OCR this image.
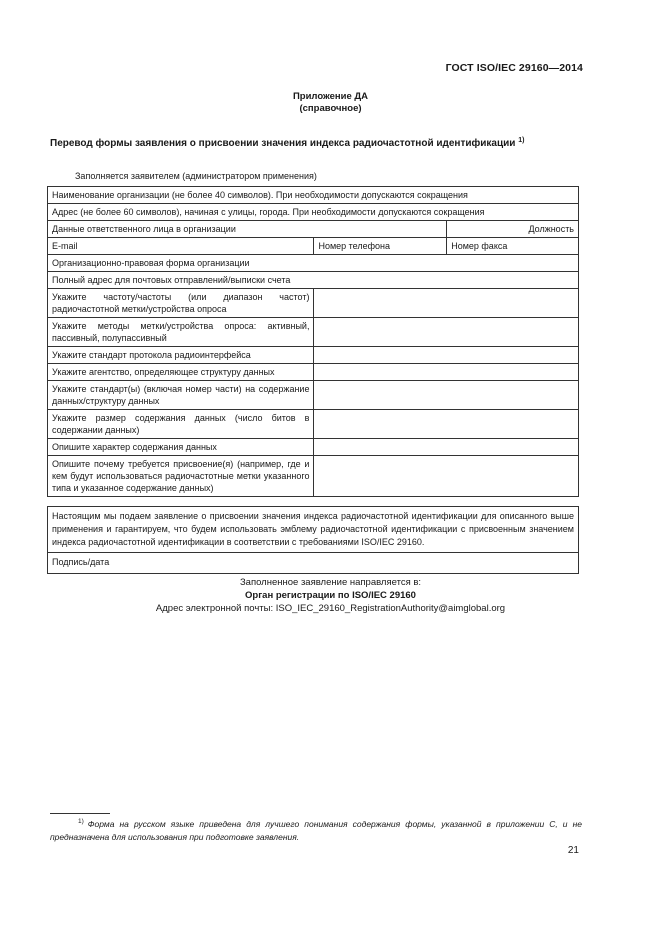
ГОСТ ISO/IEC 29160—2014
Приложение ДА
(справочное)
Перевод формы заявления о присвоении значения индекса радиочастотной идентификации $^{1)}$
Заполняется заявителем (администратором применения)
Наименование организации (не более 40 символов). При необходимости допускаются сокращения		
Адрес (не более 60 символов), начиная с улицы, города. При необходимости допускаются сокращения		
Данные ответственного лица в организации		Должность
E-mail	Номер телефона	Номер факса
Организационно-правовая форма организации		
Полный адрес для почтовых отправлений/выписки счета		
Укажите частоту/частоты (или диапазон частот) радиочастотной метки/устройства опроса		
Укажите методы метки/устройства опроса: активный, пассивный, полупассивный		
Укажите стандарт протокола радиоинтерфейса		
Укажите агентство, определяющее структуру данных		
Укажите стандарт(ы) (включая номер части) на содержание данных/структуру данных		
Укажите размер содержания данных (число битов в содержании данных)		
Опишите характер содержания данных		
Опишите почему требуется присвоение(я) (например, где и кем будут использоваться радиочастотные метки указанного типа и указанное содержание данных)		
Настоящим мы подаем заявление о присвоении значения индекса радиочастотной идентификации для описанного выше применения и гарантируем, что будем использовать эмблему радиочастотной идентификации с присвоенным значением индекса радиочастотной идентификации в соответствии с требованиями ISO/IEC 29160.
Подпись/дата
Заполненное заявление направляется в:
Орган регистрации по ISO/IEC 29160
Адрес электронной почты: ISO_IEC_29160_RegistrationAuthority@aimglobal.org
$^{1)}$ Форма на русском языке приведена для лучшего понимания содержания формы, указанной в приложении С, и не предназначена для использования при подготовке заявления.
21
